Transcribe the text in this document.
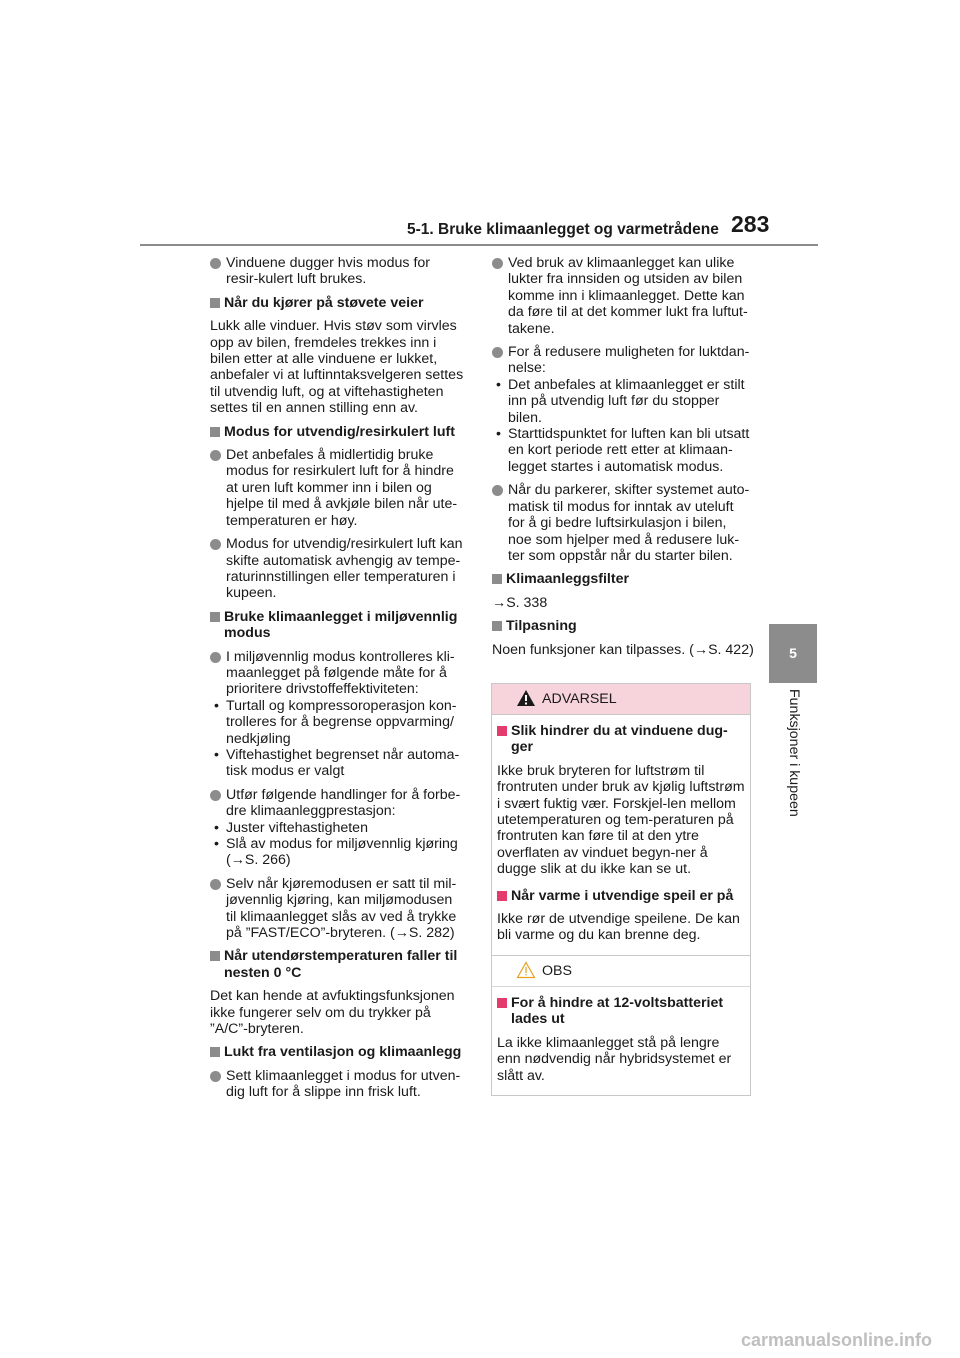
5-1. Bruke klimaanlegget og varmetrådene 283
5
Funksjoner i kupeen
Vinduene dugger hvis modus for resir-kulert luft brukes.
Når du kjører på støvete veier
Lukk alle vinduer. Hvis støv som virvles opp av bilen, fremdeles trekkes inn i bilen etter at alle vinduene er lukket, anbefaler vi at luftinntaksvelgeren settes til utvendig luft, og at viftehastigheten settes til en annen stilling enn av.
Modus for utvendig/resirkulert luft
Det anbefales å midlertidig bruke modus for resirkulert luft for å hindre at uren luft kommer inn i bilen og hjelpe til med å avkjøle bilen når ute-temperaturen er høy.
Modus for utvendig/resirkulert luft kan skifte automatisk avhengig av tempe-raturinnstillingen eller temperaturen i kupeen.
Bruke klimaanlegget i miljøvennlig modus
I miljøvennlig modus kontrolleres kli-maanlegget på følgende måte for å prioritere drivstoffeffektiviteten:
• Turtall og kompressoroperasjon kon-trolleres for å begrense oppvarming/ nedkjøling
• Viftehastighet begrenset når automa-tisk modus er valgt
Utfør følgende handlinger for å forbe-dre klimaanleggprestasjon:
• Juster viftehastigheten
• Slå av modus for miljøvennlig kjøring (→S. 266)
Selv når kjøremodusen er satt til mil-jøvennlig kjøring, kan miljømodusen til klimaanlegget slås av ved å trykke på ”FAST/ECO”-bryteren. (→S. 282)
Når utendørstemperaturen faller til nesten 0 °C
Det kan hende at avfuktingsfunksjonen ikke fungerer selv om du trykker på ”A/C”-bryteren.
Lukt fra ventilasjon og klimaanlegg
Sett klimaanlegget i modus for utven-dig luft for å slippe inn frisk luft.
Ved bruk av klimaanlegget kan ulike lukter fra innsiden og utsiden av bilen komme inn i klimaanlegget. Dette kan da føre til at det kommer lukt fra luftut-takene.
For å redusere muligheten for luktdan-nelse:
• Det anbefales at klimaanlegget er stilt inn på utvendig luft før du stopper bilen.
• Starttidspunktet for luften kan bli utsatt en kort periode rett etter at klimaan-legget startes i automatisk modus.
Når du parkerer, skifter systemet auto-matisk til modus for inntak av uteluft for å gi bedre luftsirkulasjon i bilen, noe som hjelper med å redusere luk-ter som oppstår når du starter bilen.
Klimaanleggsfilter
→S. 338
Tilpasning
Noen funksjoner kan tilpasses. (→S. 422)
ADVARSEL
Slik hindrer du at vinduene dug-ger
Ikke bruk bryteren for luftstrøm til frontruten under bruk av kjølig luftstrøm i svært fuktig vær. Forskjel-len mellom utetemperaturen og tem-peraturen på frontruten kan føre til at den ytre overflaten av vinduet begyn-ner å dugge slik at du ikke kan se ut.
Når varme i utvendige speil er på
Ikke rør de utvendige speilene. De kan bli varme og du kan brenne deg.
OBS
For å hindre at 12-voltsbatteriet lades ut
La ikke klimaanlegget stå på lengre enn nødvendig når hybridsystemet er slått av.
carmanualsonline.info
